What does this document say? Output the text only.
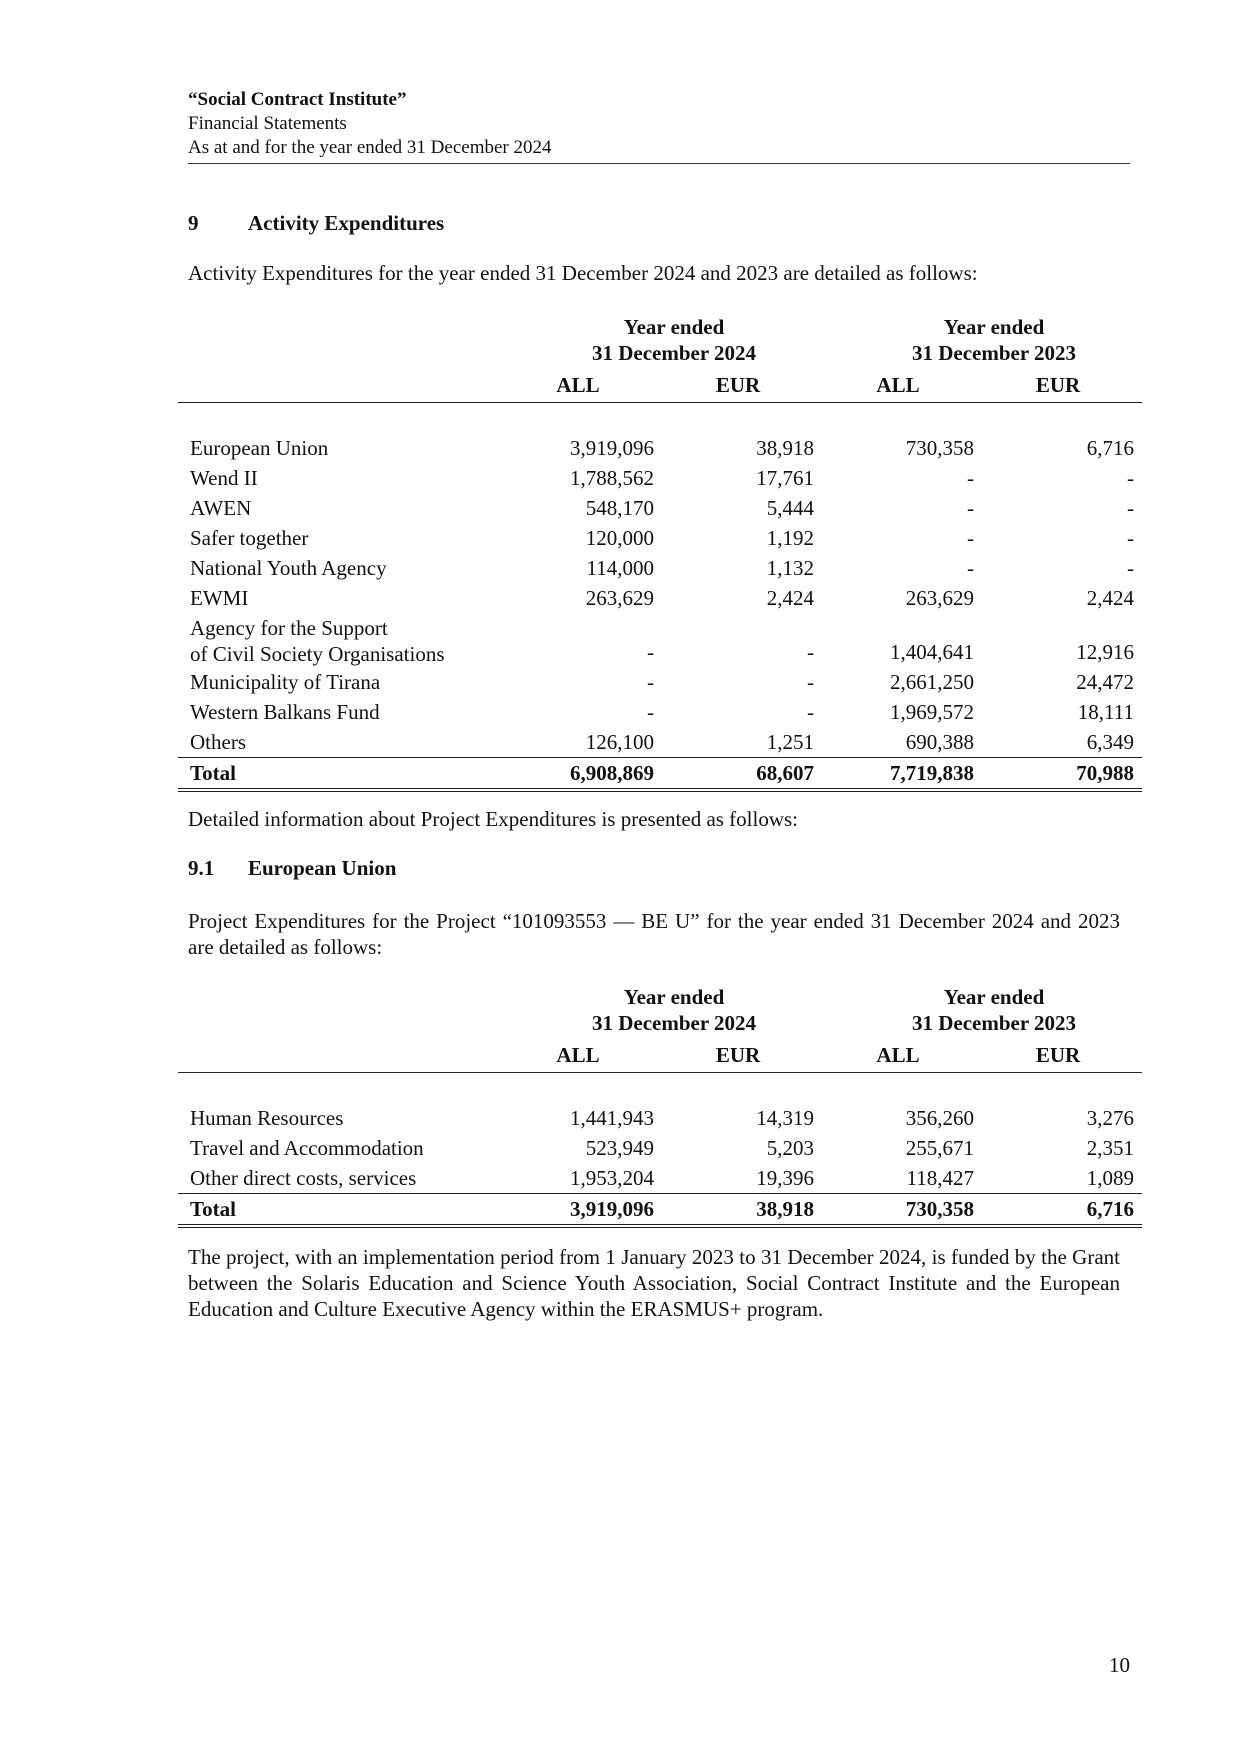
“Social Contract Institute”
Financial Statements
As at and for the year ended 31 December 2024
9 Activity Expenditures
Activity Expenditures for the year ended 31 December 2024 and 2023 are detailed as follows:
Year ended
31 December 2024
Year ended
31 December 2023
ALL	EUR	ALL	EUR
European Union	3,919,096	38,918	730,358	6,716
Wend II	1,788,562	17,761	-	-
AWEN	548,170	5,444	-	-
Safer together	120,000	1,192	-	-
National Youth Agency	114,000	1,132	-	-
EWMI	263,629	2,424	263,629	2,424
Agency for the Support
of Civil Society Organisations	-	-	1,404,641	12,916
Municipality of Tirana	-	-	2,661,250	24,472
Western Balkans Fund	-	-	1,969,572	18,111
Others	126,100	1,251	690,388	6,349
Total	6,908,869	68,607	7,719,838	70,988
Detailed information about Project Expenditures is presented as follows:
9.1 European Union
Project Expenditures for the Project “101093553 — BE U” for the year ended 31 December 2024 and 2023 are detailed as follows:
Year ended
31 December 2024
Year ended
31 December 2023
ALL	EUR	ALL	EUR
Human Resources	1,441,943	14,319	356,260	3,276
Travel and Accommodation	523,949	5,203	255,671	2,351
Other direct costs, services	1,953,204	19,396	118,427	1,089
Total	3,919,096	38,918	730,358	6,716
The project, with an implementation period from 1 January 2023 to 31 December 2024, is funded by the Grant between the Solaris Education and Science Youth Association, Social Contract Institute and the European Education and Culture Executive Agency within the ERASMUS+ program.
10
